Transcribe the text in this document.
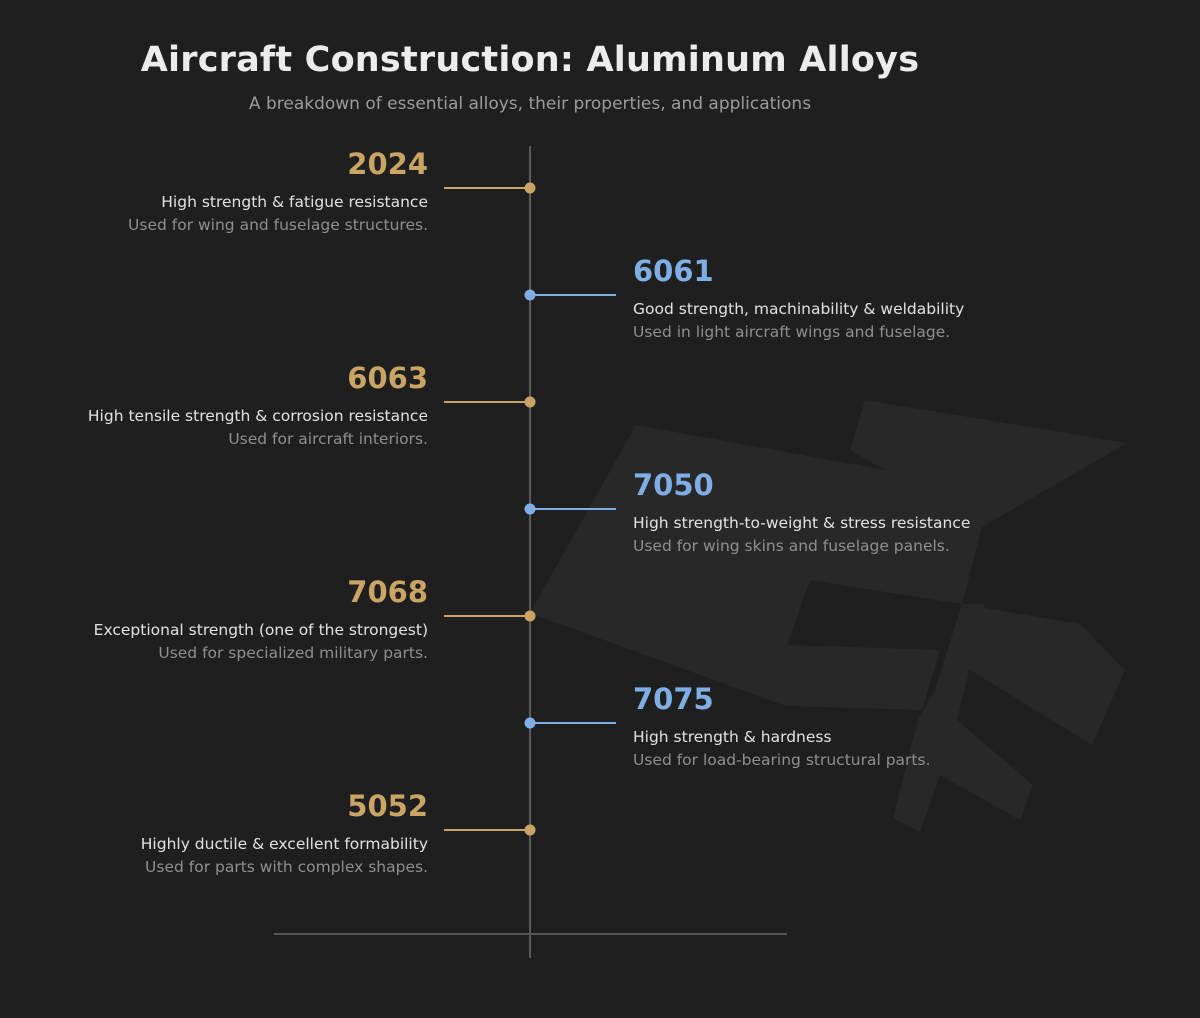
Aircraft Construction: Aluminum Alloys
A breakdown of essential alloys, their properties, and applications
2024
High strength & fatigue resistance
Used for wing and fuselage structures.
6061
Good strength, machinability & weldability
Used in light aircraft wings and fuselage.
6063
High tensile strength & corrosion resistance
Used for aircraft interiors.
7050
High strength-to-weight & stress resistance
Used for wing skins and fuselage panels.
7068
Exceptional strength (one of the strongest)
Used for specialized military parts.
7075
High strength & hardness
Used for load-bearing structural parts.
5052
Highly ductile & excellent formability
Used for parts with complex shapes.
